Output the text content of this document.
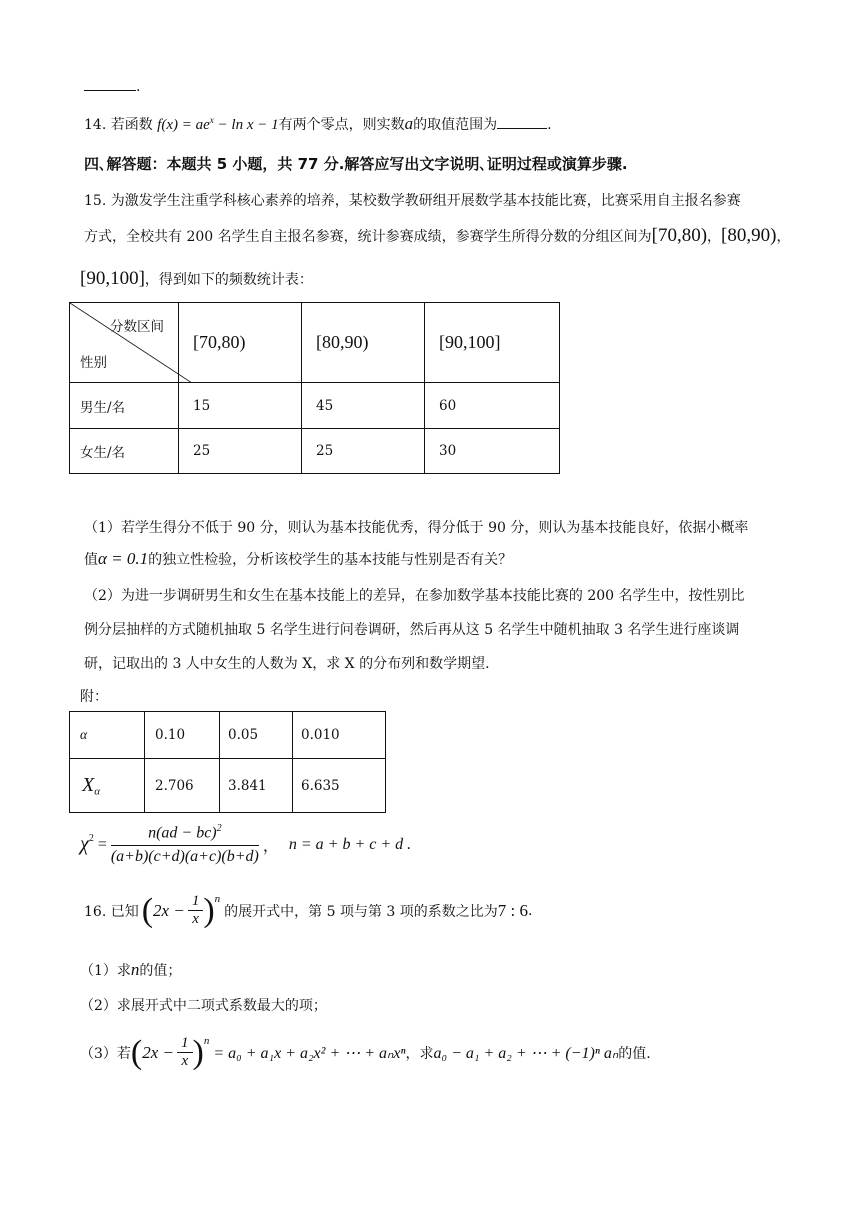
.
14. 若函数 $f(x) = ae^x - \ln x - 1$有两个零点，则实数a的取值范围为	.
四､解答题：本题共 5 小题，共 77 分.解答应写出文字说明､证明过程或演算步骤.
15. 为激发学生注重学科核心素养的培养，某校数学教研组开展数学基本技能比赛，比赛采用自主报名参赛
方式，全校共有 200 名学生自主报名参赛，统计参赛成绩，参赛学生所得分数的分组区间为[70,80)，[80,90)，
[90,100]，得到如下的频数统计表：
分数区间
性别	[70,80)	[80,90)	[90,100]
男生/名	15	45	60
女生/名	25	25	30
（1）若学生得分不低于 90 分，则认为基本技能优秀，得分低于 90 分，则认为基本技能良好，依据小概率
值α = 0.1的独立性检验，分析该校学生的基本技能与性别是否有关？
（2）为进一步调研男生和女生在基本技能上的差异，在参加数学基本技能比赛的 200 名学生中，按性别比
例分层抽样的方式随机抽取 5 名学生进行问卷调研，然后再从这 5 名学生中随机抽取 3 名学生进行座谈调
研，记取出的 3 人中女生的人数为 X，求 X 的分布列和数学期望.
附：
α	0.10	0.05	0.010
$X_\alpha$	2.706	3.841	6.635
$\chi^2 = \frac{n(ad - bc)^2}{(a+b)(c+d)(a+c)(b+d)}$ ， n = a + b + c + d .
16. 已知 ( $2x - \frac{1}{x} )^n$
的展开式中，第 5 项与第 3 项的系数之比为 7 : 6 .
（1）求n的值；
（2）求展开式中二项式系数最大的项；
（3）若 ( $2x - \frac{1}{x} )^n$
= a₀ + a₁x + a₂x² + ⋯ + aₙxⁿ ，求 a₀ − a₁ + a₂ + ⋯ + (−1)ⁿ aₙ 的值.
